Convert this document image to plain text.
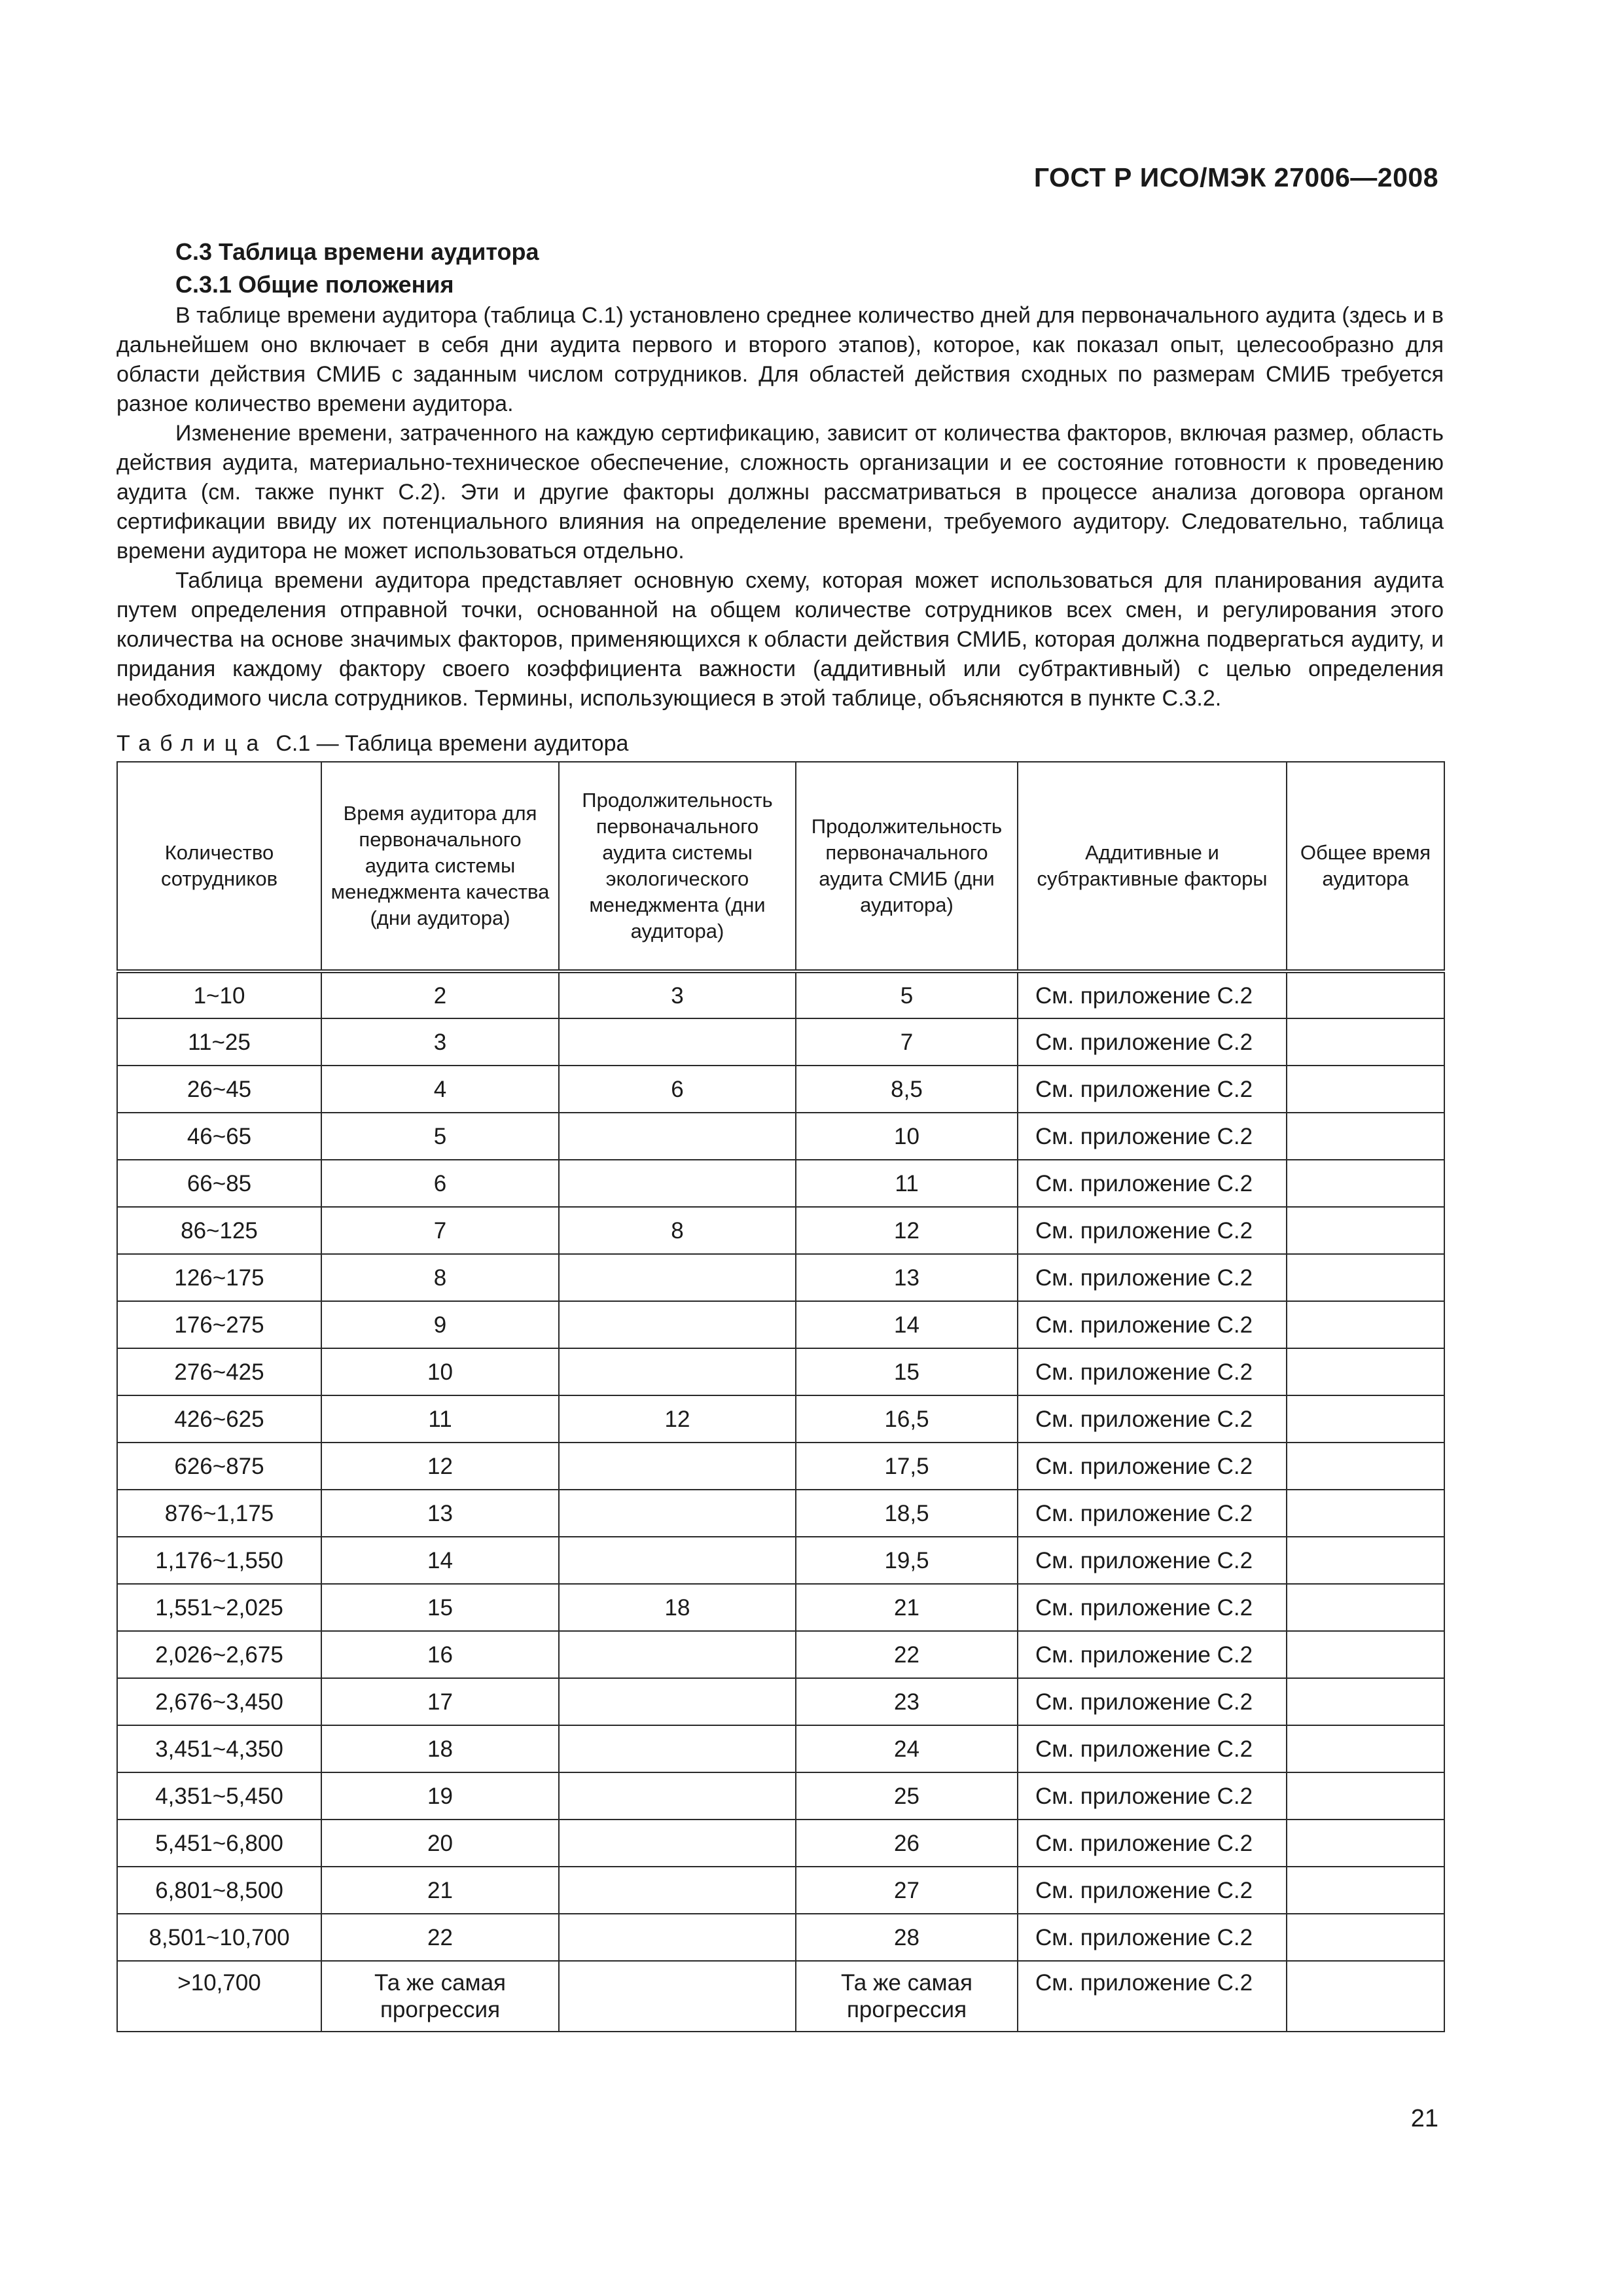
ГОСТ Р ИСО/МЭК 27006—2008
С.3 Таблица времени аудитора
С.3.1 Общие положения

В таблице времени аудитора (таблица С.1) установлено среднее количество дней для первоначального аудита (здесь и в дальнейшем оно включает в себя дни аудита первого и второго этапов), которое, как показал опыт, целесообразно для области действия СМИБ с заданным числом сотрудников. Для областей действия сходных по размерам СМИБ требуется разное количество времени аудитора.

Изменение времени, затраченного на каждую сертификацию, зависит от количества факторов, включая размер, область действия аудита, материально-техническое обеспечение, сложность организации и ее состояние готовности к проведению аудита (см. также пункт С.2). Эти и другие факторы должны рассматриваться в процессе анализа договора органом сертификации ввиду их потенциального влияния на определение времени, требуемого аудитору. Следовательно, таблица времени аудитора не может использоваться отдельно.

Таблица времени аудитора представляет основную схему, которая может использоваться для планирования аудита путем определения отправной точки, основанной на общем количестве сотрудников всех смен, и регулирования этого количества на основе значимых факторов, применяющихся к области действия СМИБ, которая должна подвергаться аудиту, и придания каждому фактору своего коэффициента важности (аддитивный или субтрактивный) с целью определения необходимого числа сотрудников. Термины, использующиеся в этой таблице, объясняются в пункте С.3.2.

Таблица С.1 — Таблица времени аудитора
Количество сотрудников	Время аудитора для первоначального аудита системы менеджмента качества (дни аудитора)	Продолжительность первоначального аудита системы экологического менеджмента (дни аудитора)	Продолжительность первоначального аудита СМИБ (дни аудитора)	Аддитивные и субтрактивные факторы	Общее время аудитора
1~10	2	3	5	См. приложение С.2	
11~25	3		7	См. приложение С.2	
26~45	4	6	8,5	См. приложение С.2	
46~65	5		10	См. приложение С.2	
66~85	6		11	См. приложение С.2	
86~125	7	8	12	См. приложение С.2	
126~175	8		13	См. приложение С.2	
176~275	9		14	См. приложение С.2	
276~425	10		15	См. приложение С.2	
426~625	11	12	16,5	См. приложение С.2	
626~875	12		17,5	См. приложение С.2	
876~1,175	13		18,5	См. приложение С.2	
1,176~1,550	14		19,5	См. приложение С.2	
1,551~2,025	15	18	21	См. приложение С.2	
2,026~2,675	16		22	См. приложение С.2	
2,676~3,450	17		23	См. приложение С.2	
3,451~4,350	18		24	См. приложение С.2	
4,351~5,450	19		25	См. приложение С.2	
5,451~6,800	20		26	См. приложение С.2	
6,801~8,500	21		27	См. приложение С.2	
8,501~10,700	22		28	См. приложение С.2	
>10,700	Та же самая прогрессия		Та же самая прогрессия	См. приложение С.2	
21
